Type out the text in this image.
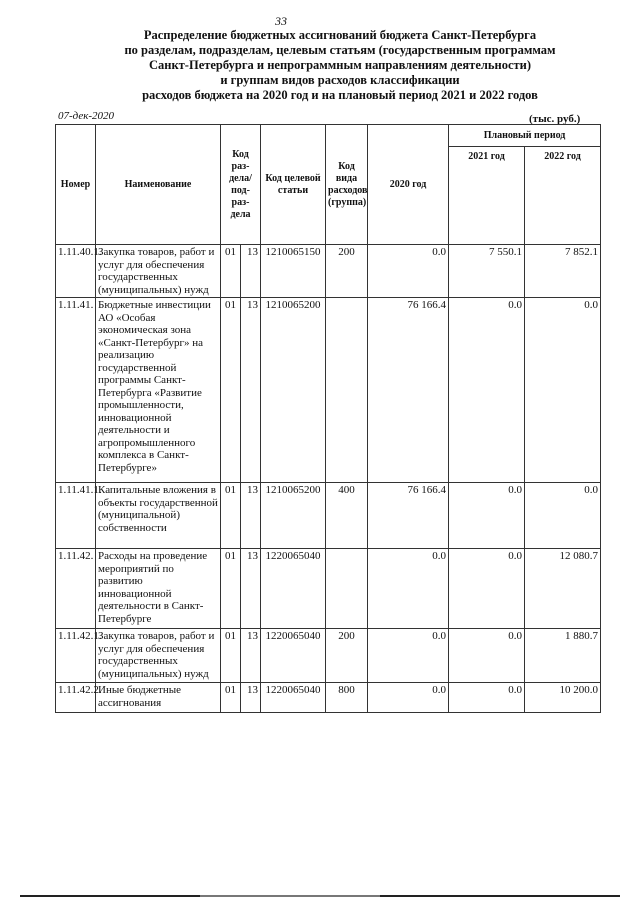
33
Распределение бюджетных ассигнований бюджета Санкт-Петербурга
по разделам, подразделам, целевым статьям (государственным программам
Санкт-Петербурга и непрограммным направлениям деятельности)
и группам видов расходов классификации
расходов бюджета на 2020 год и на плановый период 2021 и 2022 годов
07-дек-2020	(тыс. руб.)
Номер	Наименование	Код раз-дела/ под-раз-дела		Код целевой статьи	Код вида расходов (группа)	2020 год	Плановый период	
							2021 год	2022 год
1.11.40.1.	Закупка товаров, работ и услуг для обеспечения государственных (муниципальных) нужд	01	13	1210065150	200	0.0	7 550.1	7 852.1
1.11.41.	Бюджетные инвестиции АО «Особая экономическая зона «Санкт-Петербург» на реализацию государственной программы Санкт-Петербурга «Развитие промышленности, инновационной деятельности и агропромышленного комплекса в Санкт-Петербурге»	01	13	1210065200		76 166.4	0.0	0.0
1.11.41.1.	Капитальные вложения в объекты государственной (муниципальной) собственности	01	13	1210065200	400	76 166.4	0.0	0.0
1.11.42.	Расходы на проведение мероприятий по развитию инновационной деятельности в Санкт-Петербурге	01	13	1220065040		0.0	0.0	12 080.7
1.11.42.1.	Закупка товаров, работ и услуг для обеспечения государственных (муниципальных) нужд	01	13	1220065040	200	0.0	0.0	1 880.7
1.11.42.2.	Иные бюджетные ассигнования	01	13	1220065040	800	0.0	0.0	10 200.0
